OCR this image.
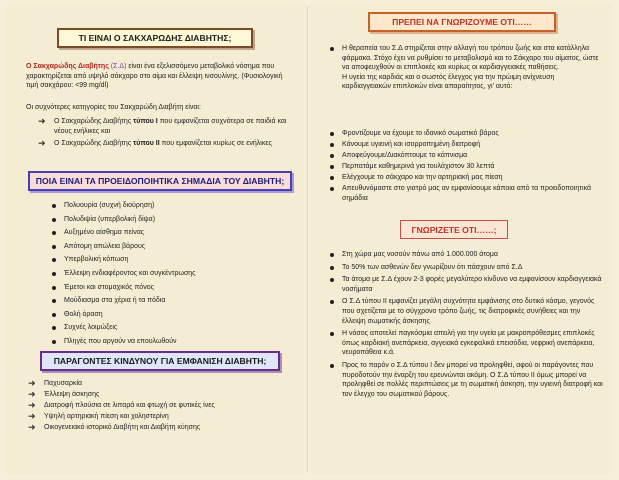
ΤΙ ΕΙΝΑΙ Ο ΣΑΚΧΑΡΩΔΗΣ ΔΙΑΒΗΤΗΣ;
Ο Σακχαρώδης Διαβήτης (Σ.Δ) είναι ένα εξελισσόμενο μεταβολικό νόσημα που χαρακτηρίζεται από υψηλό σάκχαρο στο αίμα και έλλειψη ινσουλίνης. (Φυσιολογική τιμή σακχάρου: <99 mg/dl)
Οι συχνότερες κατηγορίες του Σακχαρώδη Διαβήτη είναι:
➜ Ο Σακχαρώδης Διαβήτης τύπου Ι που εμφανίζεται συχνότερα σε παιδιά και νέους ενήλικες και
➜ Ο Σακχαρώδης Διαβήτης τύπου ΙΙ που εμφανίζεται κυρίως σε ενήλικες
ΠΟΙΑ ΕΙΝΑΙ ΤΑ ΠΡΟΕΙΔΟΠΟΙΗΤΙΚΑ ΣΗΜΑΔΙΑ ΤΟΥ ΔΙΑΒΗΤΗ;
Πολυουρία (συχνή διούρηση)
Πολυδιψία (υπερβολική δίψα)
Αυξημένο αίσθημα πείνας
Απότομη απώλεια βάρους
Υπερβολική κόπωση
Έλλειψη ενδιαφέροντος και συγκέντρωσης
Έμετοι και στομαχικός πόνος
Μούδιασμα στα χέρια ή τα πόδια
Θολή όραση
Συχνές λοιμώξεις
Πληγές που αργούν να επουλωθούν
ΠΑΡΑΓΟΝΤΕΣ ΚΙΝΔΥΝΟΥ ΓΙΑ ΕΜΦΑΝΙΣΗ ΔΙΑΒΗΤΗ;
➜ Παχυσαρκία
➜ Έλλειψη άσκησης
➜ Διατροφή πλούσια σε λιπαρά και φτωχή σε φυτικές ίνες
➜ Υψηλή αρτηριακή πίεση και χοληστερίνη
➜ Οικογενειακό ιστορικό Διαβήτη και Διαβήτη κύησης
ΠΡΕΠΕΙ ΝΑ ΓΝΩΡΙΖΟΥΜΕ ΟΤΙ……
Η θεραπεία του Σ.Δ στηρίζεται στην αλλαγή του τρόπου ζωής και στα κατάλληλα φάρμακα. Στόχο έχει να ρυθμίσει το μεταβολισμό και το Σάκχαρο του αίματος, ώστε να αποφευχθούν οι επιπλοκές και κυρίως οι καρδιαγγειακές παθήσεις.
Η υγεία της καρδιάς και ο σωστός έλεγχος για την πρώιμη ανίχνευση καρδιαγγειακών επιπλοκών είναι απαραίτητος, γι' αυτό:
Φροντίζουμε να έχουμε το ιδανικό σωματικό βάρος
Κάνουμε υγιεινή και ισορροπημένη διατροφή
Αποφεύγουμε/Διακόπτουμε το κάπνισμα
Περπατάμε καθημερινά για τουλάχιστον 30 λεπτά
Ελέγχουμε το σάκχαρο και την αρτηριακή μας πίεση
Απευθυνόμαστε στο γιατρό μας αν εμφανίσουμε κάποια από τα προειδοποιητικά σημάδια
ΓΝΩΡΙΖΕΤΕ ΟΤΙ……;
Στη χώρα μας νοσούν πάνω από 1.000.000 άτομα
Το 50% των ασθενών δεν γνωρίζουν ότι πάσχουν από Σ.Δ
Τα άτομα με Σ.Δ έχουν 2-3 φορές μεγαλύτερο κίνδυνο να εμφανίσουν καρδιαγγειακά νοσήματα
Ο Σ.Δ τύπου ΙΙ εμφανίζει μεγάλη συχνότητα εμφάνισης στο δυτικό κόσμο, γεγονός που σχετίζεται με το σύγχρονο τρόπο ζωής, τις διατροφικές συνήθειες και την έλλειψη σωματικής άσκησης
Η νόσος αποτελεί παγκόσμια απειλή για την υγεία με μακροπρόθεσμες επιπλοκές όπως καρδιακή ανεπάρκεια, αγγειακά εγκεφαλικά επεισόδια, νεφρική ανεπάρκεια, νευροπάθεια κ.ά.
Προς το παρόν ο Σ.Δ τύπου Ι δεν μπορεί να προληφθεί, αφού οι παράγοντες που πυροδοτούν την έναρξη του ερευνώνται ακόμη. Ο Σ.Δ τύπου ΙΙ όμως μπορεί να προληφθεί σε πολλές περιπτώσεις με τη σωματική άσκηση, την υγιεινή διατροφή και τον έλεγχο του σωματικού βάρους.
